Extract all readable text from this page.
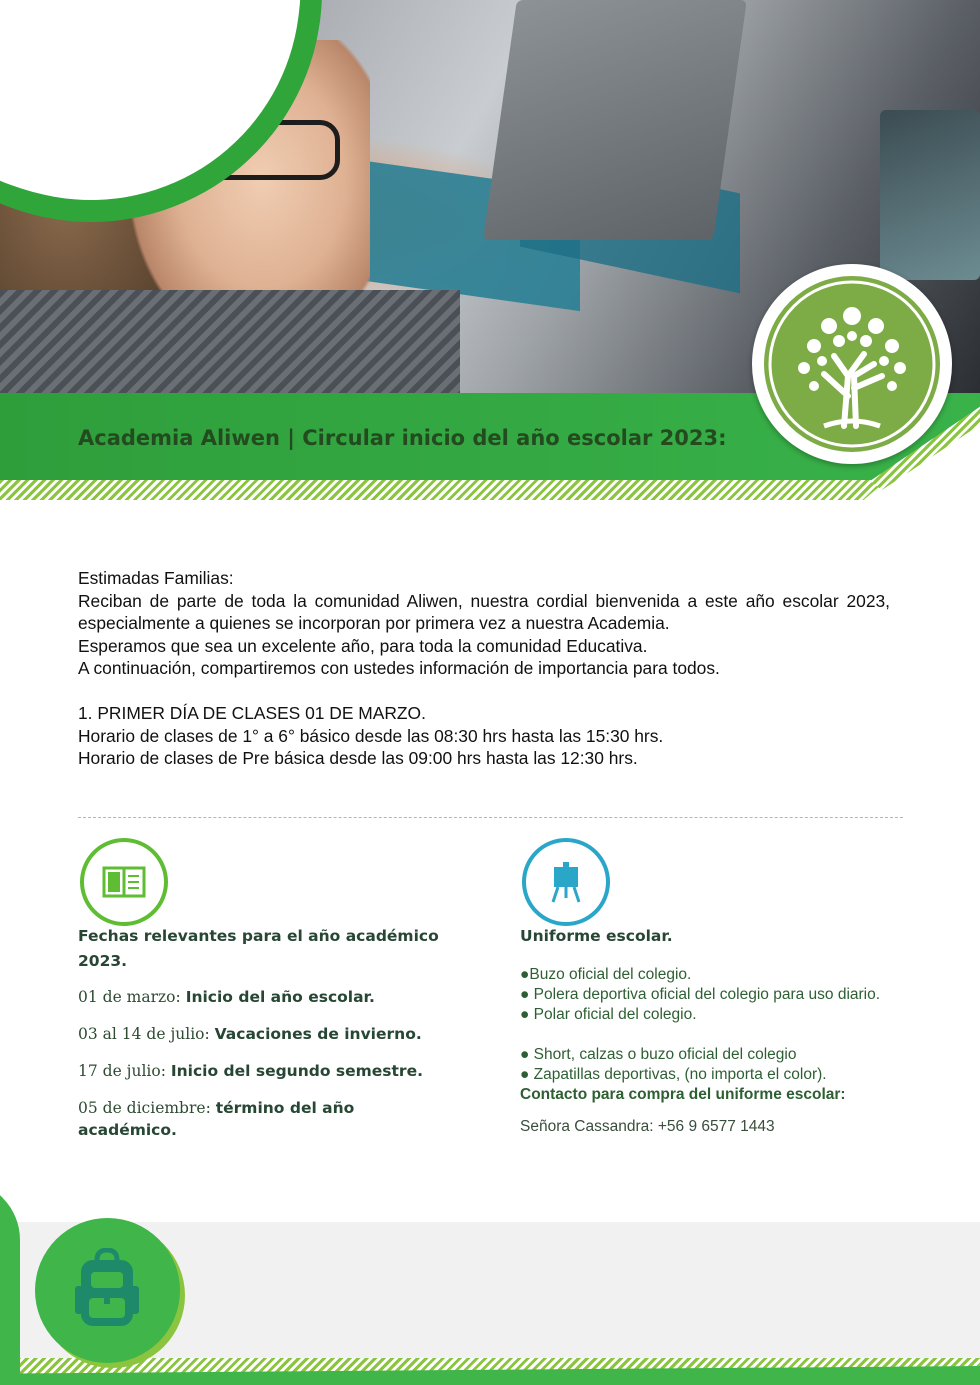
Academia Aliwen | Circular inicio del año escolar 2023:

Estimadas Familias:

Reciban de parte de toda la comunidad Aliwen, nuestra cordial bienvenida a este año escolar 2023, especialmente a quienes se incorporan por primera vez a nuestra Academia.

Esperamos que sea un excelente año, para toda la comunidad Educativa.

A continuación, compartiremos con ustedes información de importancia para todos.

1. PRIMER DÍA DE CLASES 01 DE MARZO.

Horario de clases de 1° a 6° básico desde las 08:30 hrs hasta las 15:30 hrs.

Horario de clases de Pre básica desde las 09:00 hrs hasta las 12:30 hrs.

Fechas relevantes para el año académico 2023.

01 de marzo: Inicio del año escolar.

03 al 14 de julio: Vacaciones de invierno.

17 de julio: Inicio del segundo semestre.

05 de diciembre: término del año académico.

Uniforme escolar.

●Buzo oficial del colegio.

● Polera deportiva oficial del colegio para uso diario.

● Polar oficial del colegio.

● Short, calzas o buzo oficial del colegio

● Zapatillas deportivas, (no importa el color).

Contacto para compra del uniforme escolar:

Señora Cassandra: +56 9 6577 1443
